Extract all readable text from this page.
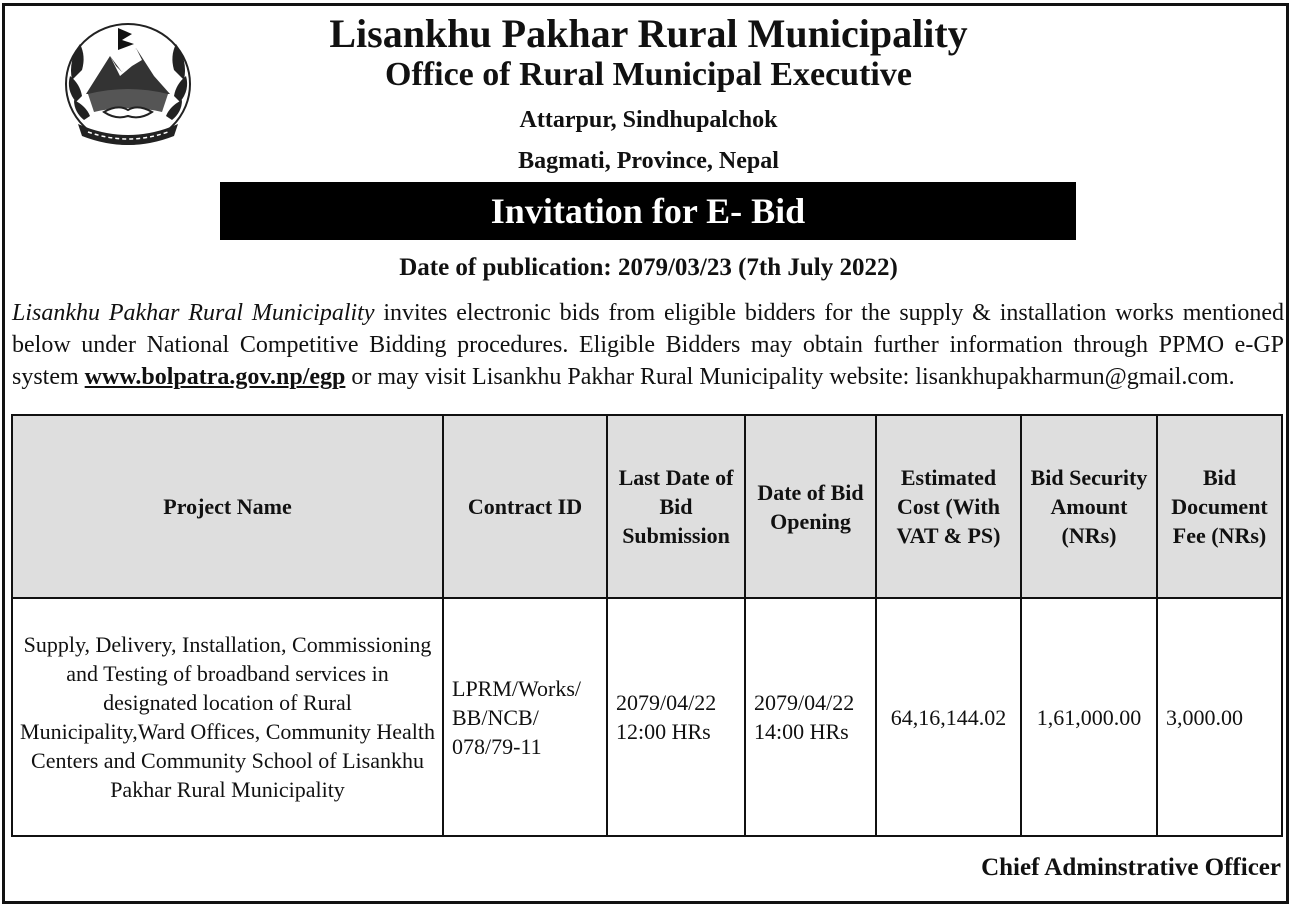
Lisankhu Pakhar Rural Municipality
Office of Rural Municipal Executive
Attarpur, Sindhupalchok
Bagmati, Province, Nepal
Invitation for E- Bid
Date of publication: 2079/03/23 (7th July 2022)
Lisankhu Pakhar Rural Municipality invites electronic bids from eligible bidders for the supply & installation works mentioned below under National Competitive Bidding procedures. Eligible Bidders may obtain further information through PPMO e-GP system www.bolpatra.gov.np/egp or may visit Lisankhu Pakhar Rural Municipality website: lisankhupakharmun@gmail.com.
Project Name	Contract ID	Last Date of Bid Submission	Date of Bid Opening	Estimated Cost (With VAT & PS)	Bid Security Amount (NRs)	Bid Document Fee (NRs)
Supply, Delivery, Installation, Commissioning and Testing of broadband services in designated location of Rural Municipality,Ward Offices, Community Health Centers and Community School of Lisankhu Pakhar Rural Municipality	LPRM/Works/ BB/NCB/ 078/79-11	2079/04/22 12:00 HRs	2079/04/22 14:00 HRs	64,16,144.02	1,61,000.00	3,000.00
Chief Adminstrative Officer
